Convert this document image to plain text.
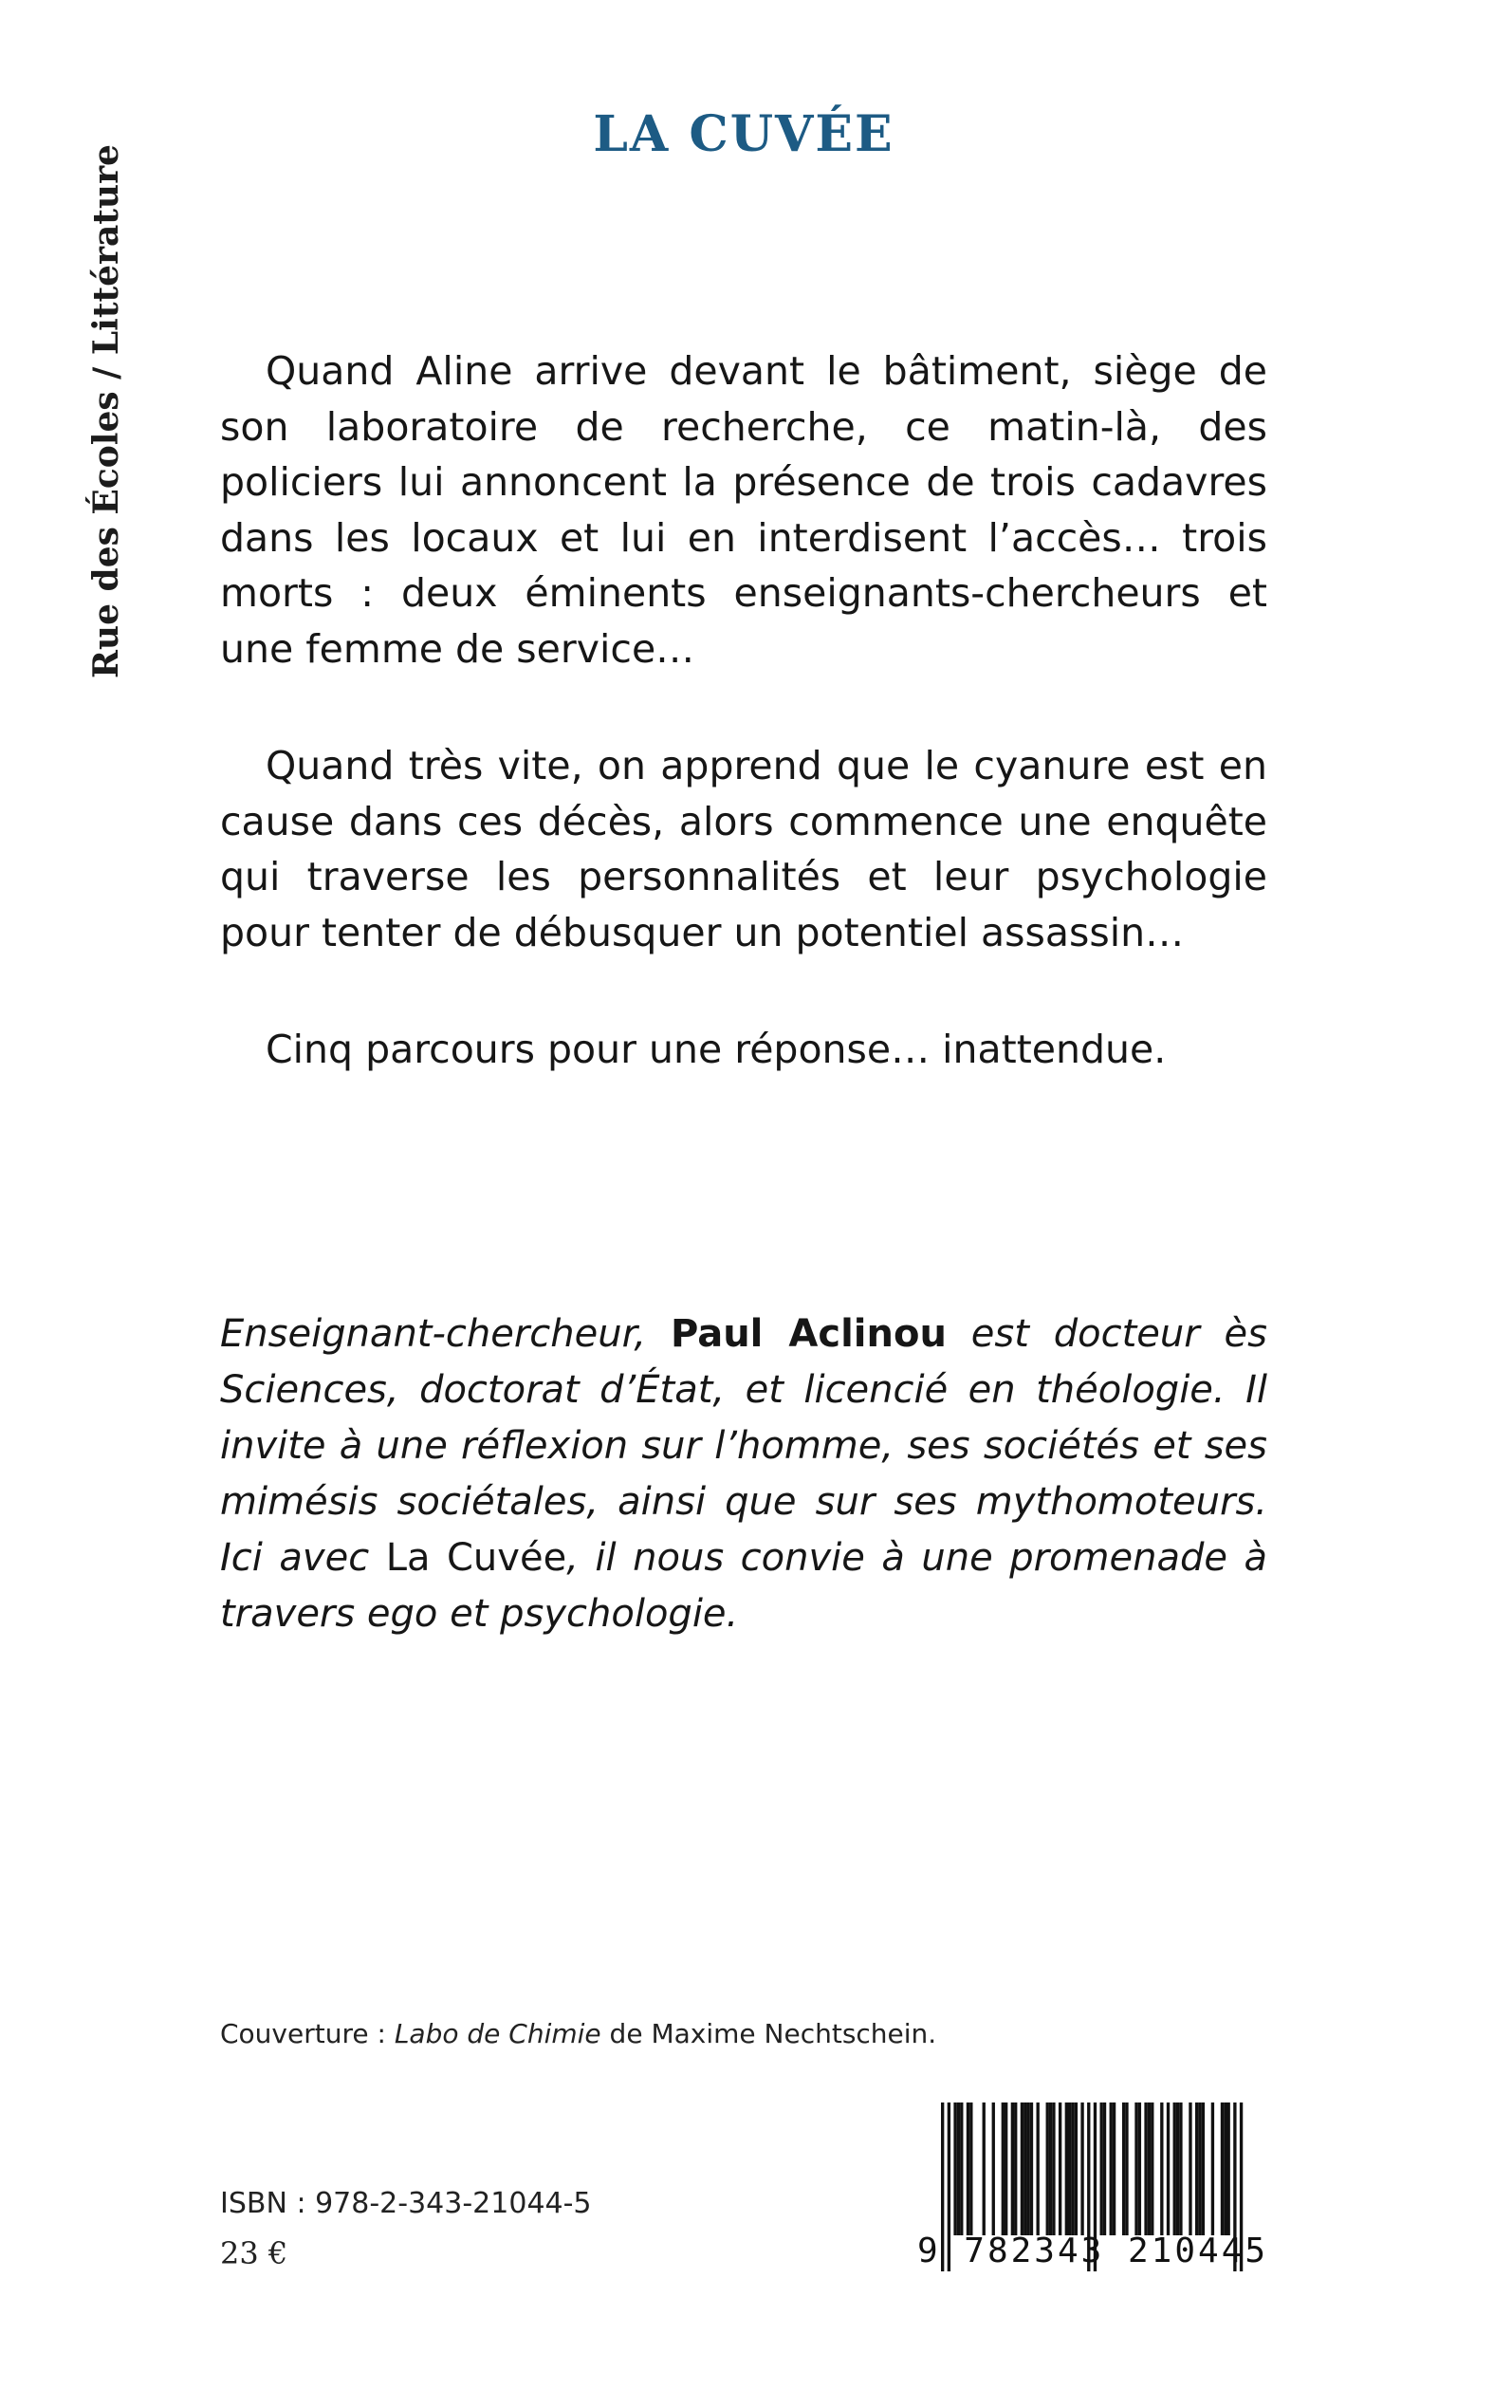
Rue des Écoles / Littérature
LA CUVÉE

Quand Aline arrive devant le bâtiment, siège de son laboratoire de recherche, ce matin-là, des policiers lui annoncent la présence de trois cadavres dans les locaux et lui en interdisent l’accès… trois morts : deux éminents enseignants-chercheurs et une femme de service…

Quand très vite, on apprend que le cyanure est en cause dans ces décès, alors commence une enquête qui traverse les personnalités et leur psychologie pour tenter de débusquer un potentiel assassin…

Cinq parcours pour une réponse… inattendue.

Enseignant-chercheur, Paul Aclinou est docteur ès Sciences, doctorat d’État, et licencié en théologie. Il invite à une réflexion sur l’homme, ses sociétés et ses mimésis sociétales, ainsi que sur ses mythomoteurs. Ici avec La Cuvée, il nous convie à une promenade à travers ego et psychologie.
Couverture : Labo de Chimie de Maxime Nechtschein.
9 782343 210445
ISBN : 978-2-343-21044-5
23 €
